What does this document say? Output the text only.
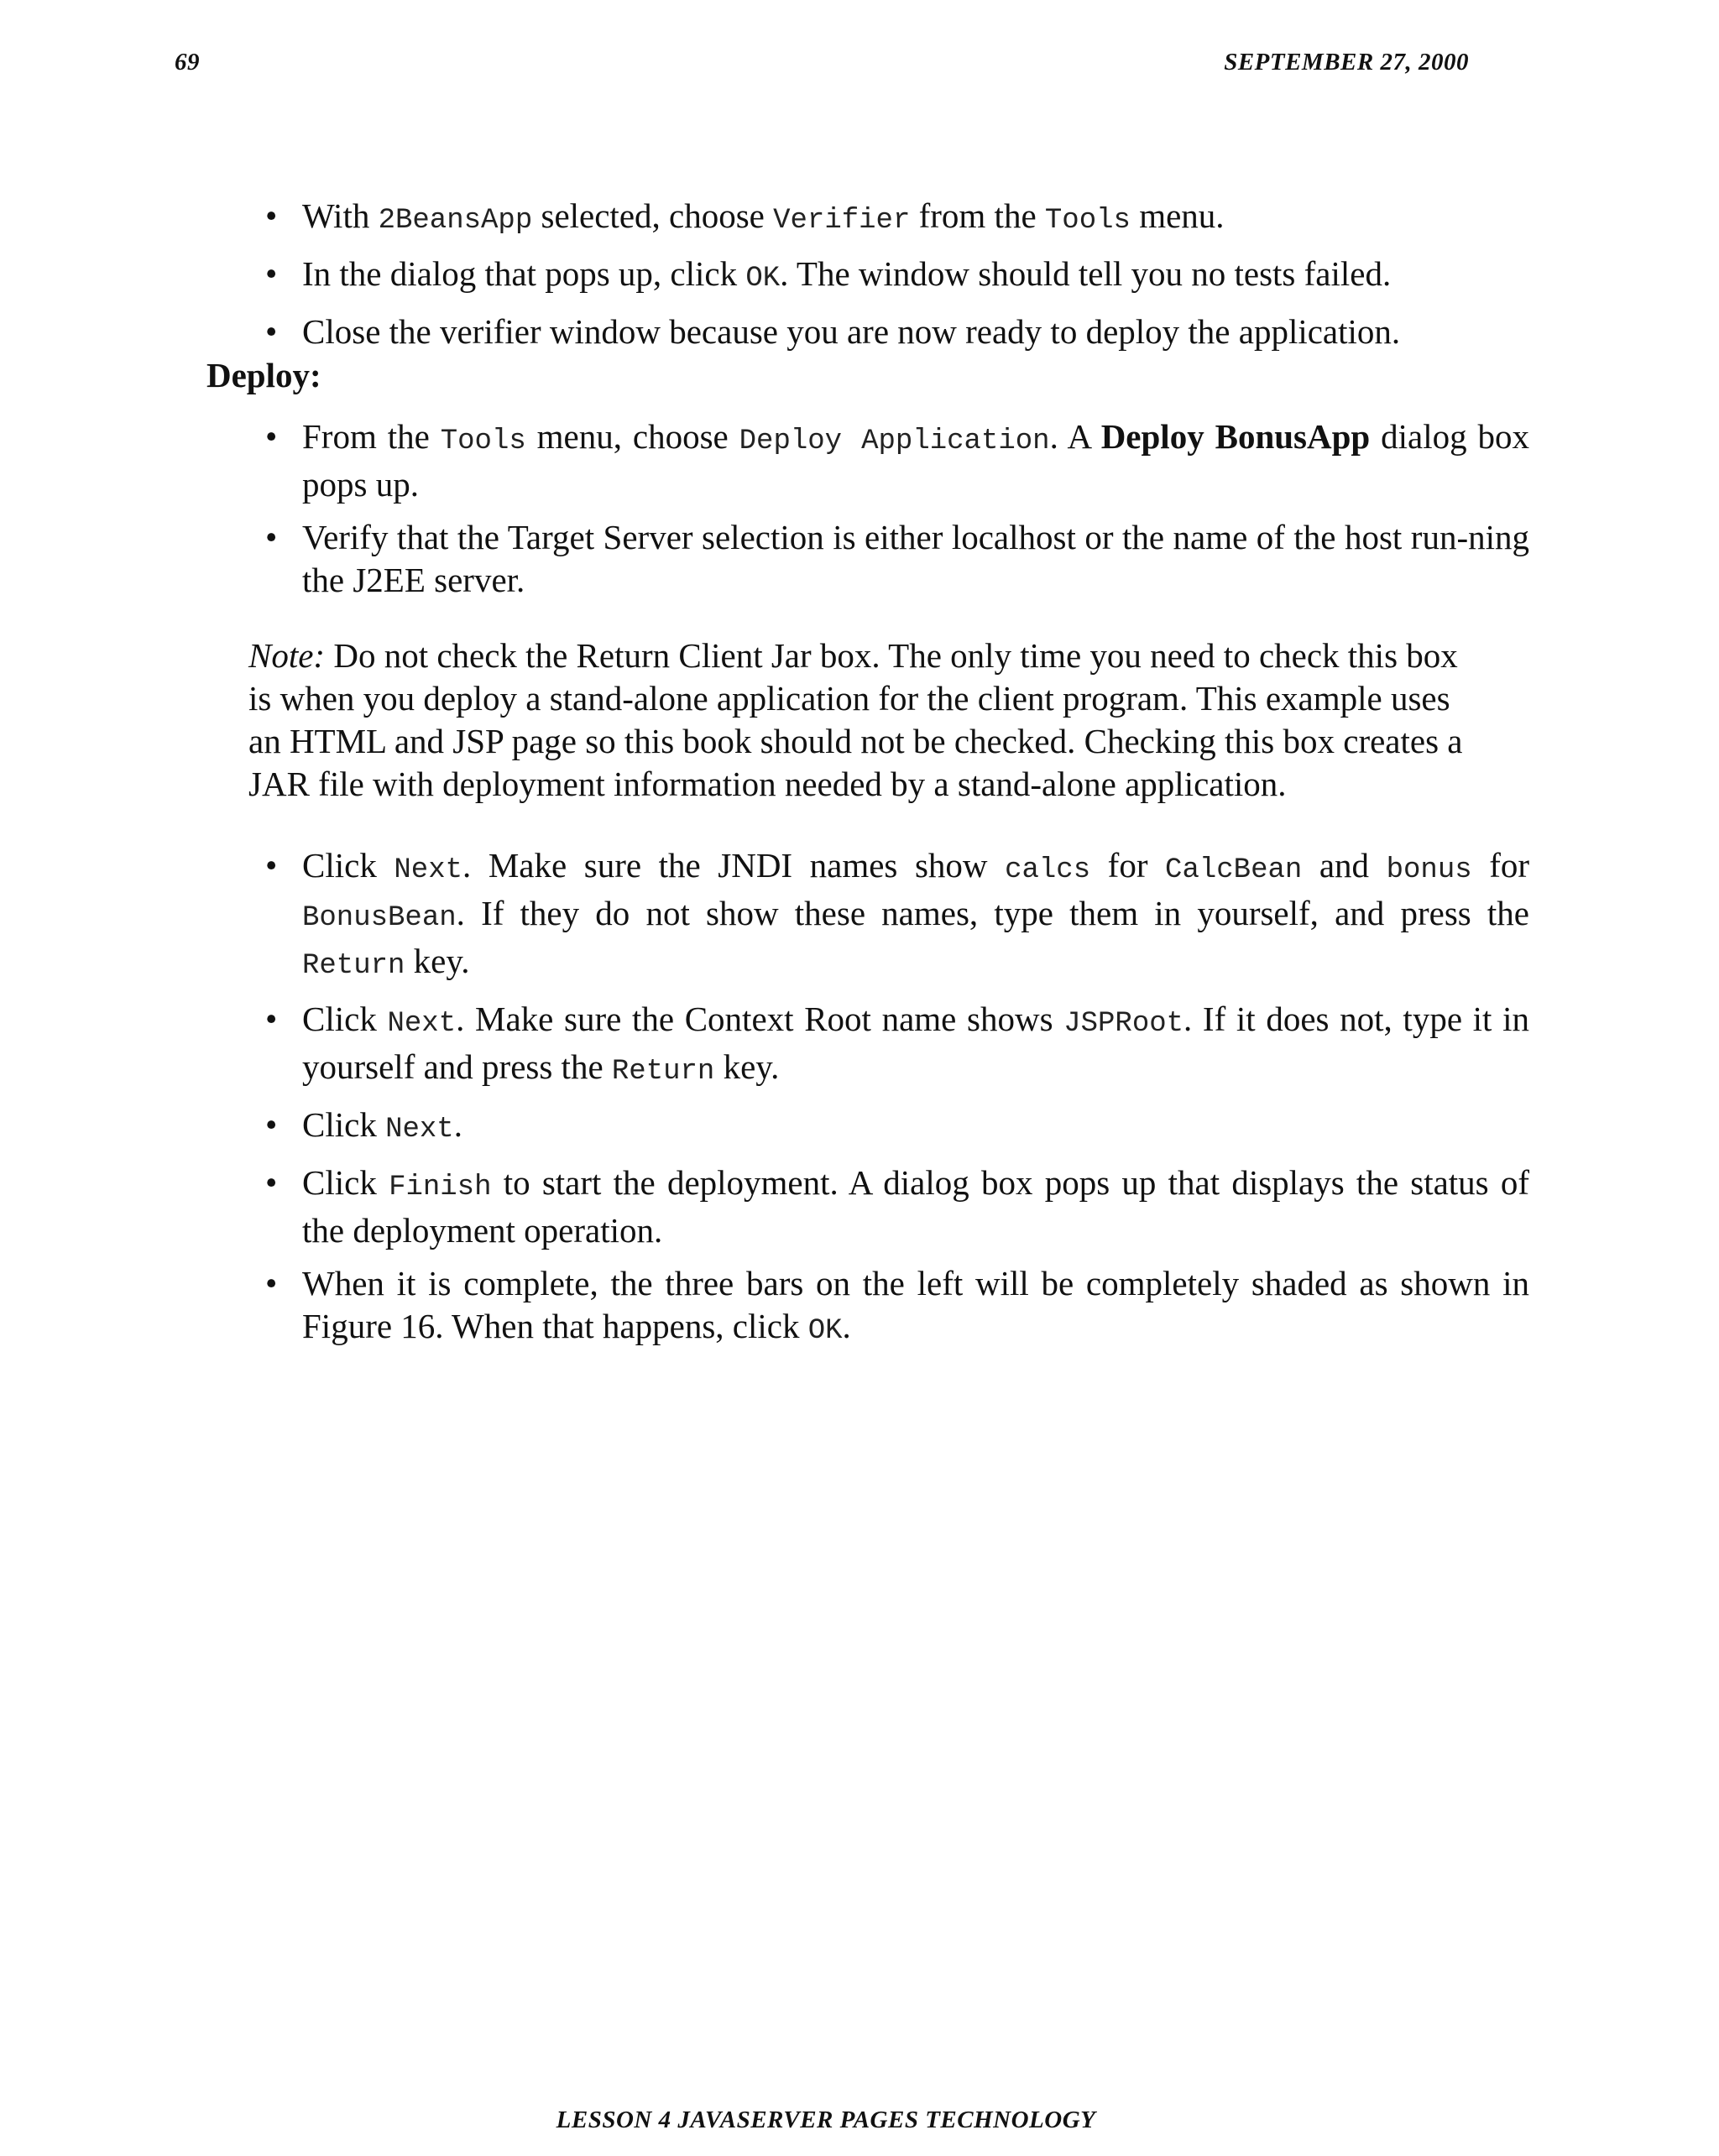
69	SEPTEMBER 27, 2000
• With 2BeansApp selected, choose Verifier from the Tools menu.
• In the dialog that pops up, click OK. The window should tell you no tests failed.
• Close the verifier window because you are now ready to deploy the application.
Deploy:
• From the Tools menu, choose Deploy Application. A Deploy BonusApp dialog box pops up.
• Verify that the Target Server selection is either localhost or the name of the host run-ning the J2EE server.
Note: Do not check the Return Client Jar box. The only time you need to check this box is when you deploy a stand-alone application for the client program. This example uses an HTML and JSP page so this book should not be checked. Checking this box creates a JAR file with deployment information needed by a stand-alone application.
• Click Next. Make sure the JNDI names show calcs for CalcBean and bonus for BonusBean. If they do not show these names, type them in yourself, and press the Return key.
• Click Next. Make sure the Context Root name shows JSPRoot. If it does not, type it in yourself and press the Return key.
• Click Next.
• Click Finish to start the deployment. A dialog box pops up that displays the status of the deployment operation.
• When it is complete, the three bars on the left will be completely shaded as shown in Figure 16. When that happens, click OK.
LESSON 4 JAVASERVER PAGES TECHNOLOGY
